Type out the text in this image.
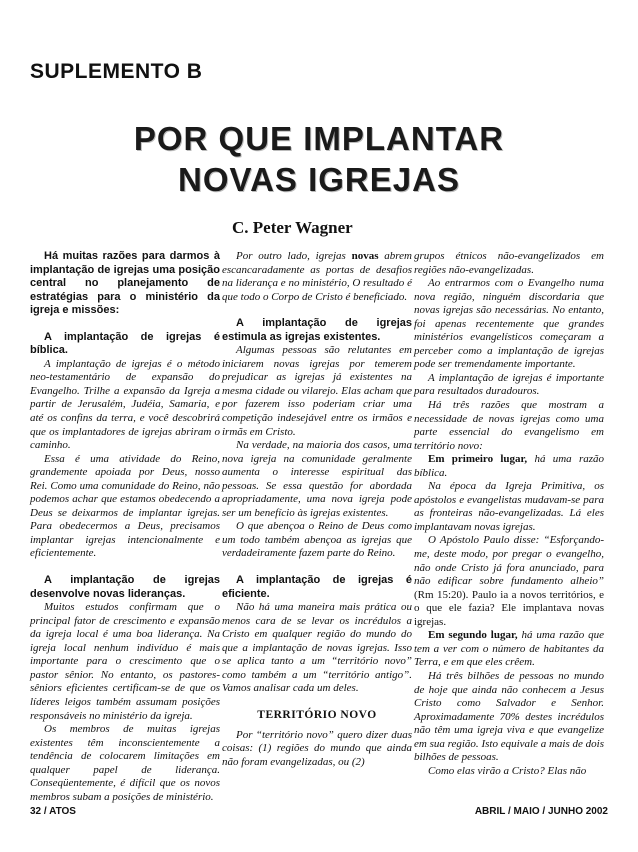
SUPLEMENTO B
POR QUE IMPLANTAR
NOVAS IGREJAS
C. Peter Wagner

Há muitas razões para darmos à implantação de igrejas uma posição central no planejamento de estratégias para o ministério da igreja e missões:

A implantação de igrejas é bíblica.

A implantação de igrejas é o método neo-testamentário de expansão do Evangelho. Trilhe a expansão da Igreja a partir de Jerusalém, Judéia, Samaria, e até os confins da terra, e você descobrirá que os implantadores de igrejas abriram o caminho.

Essa é uma atividade do Reino, grandemente apoiada por Deus, nosso Rei. Como uma comunidade do Reino, não podemos achar que estamos obedecendo a Deus se deixarmos de implantar igrejas. Para obedecermos a Deus, precisamos implantar igrejas intencionalmente e eficientemente.

A implantação de igrejas desenvolve novas lideranças.

Muitos estudos confirmam que o principal fator de crescimento e expansão da igreja local é uma boa liderança. Na igreja local nenhum indivíduo é mais importante para o crescimento que o pastor sênior. No entanto, os pastores-sêniors eficientes certificam-se de que os líderes leigos também assumam posições responsáveis no ministério da igreja.

Os membros de muitas igrejas existentes têm inconscientemente a tendência de colocarem limitações em qualquer papel de liderança. Conseqüentemente, é difícil que os novos membros subam a posições de ministério.

Por outro lado, igrejas novas abrem escancaradamente as portas de desafios na liderança e no ministério, O resultado é que todo o Corpo de Cristo é beneficiado.

A implantação de igrejas estimula as igrejas existentes.

Algumas pessoas são relutantes em iniciarem novas igrejas por temerem prejudicar as igrejas já existentes na mesma cidade ou vilarejo. Elas acham que por fazerem isso poderiam criar uma competição indesejável entre os irmãos e irmãs em Cristo.

Na verdade, na maioria dos casos, uma nova igreja na comunidade geralmente aumenta o interesse espiritual das pessoas. Se essa questão for abordada apropriadamente, uma nova igreja pode ser um benefício às igrejas existentes.

O que abençoa o Reino de Deus como um todo também abençoa as igrejas que verdadeiramente fazem parte do Reino.

A implantação de igrejas é eficiente.

Não há uma maneira mais prática ou menos cara de se levar os incrédulos a Cristo em qualquer região do mundo do que a implantação de novas igrejas. Isso se aplica tanto a um “território novo” como também a um “território antigo”. Vamos analisar cada um deles.

TERRITÓRIO NOVO

Por “território novo” quero dizer duas coisas: (1) regiões do mundo que ainda não foram evangelizadas, ou (2)

grupos étnicos não-evangelizados em regiões não-evangelizadas.

Ao entrarmos com o Evangelho numa nova região, ninguém discordaria que novas igrejas são necessárias. No entanto, foi apenas recentemente que grandes ministérios evangelísticos começaram a perceber como a implantação de igrejas pode ser tremendamente importante.

A implantação de igrejas é importante para resultados duradouros.

Há três razões que mostram a necessidade de novas igrejas como uma parte essencial do evangelismo em território novo:

Em primeiro lugar, há uma razão bíblica.

Na época da Igreja Primitiva, os apóstolos e evangelistas mudavam-se para as fronteiras não-evangelizadas. Lá eles implantavam novas igrejas.

O Apóstolo Paulo disse: “Esforçando-me, deste modo, por pregar o evangelho, não onde Cristo já fora anunciado, para não edificar sobre fundamento alheio” (Rm 15:20). Paulo ia a novos territórios, e o que ele fazia? Ele implantava novas igrejas.

Em segundo lugar, há uma razão que tem a ver com o número de habitantes da Terra, e em que eles crêem.

Há três bilhões de pessoas no mundo de hoje que ainda não conhecem a Jesus Cristo como Salvador e Senhor. Aproximadamente 70% destes incrédulos não têm uma igreja viva e que evangelize em sua região. Isto equivale a mais de dois bilhões de pessoas.

Como elas virão a Cristo? Elas não

32 / ATOS	ABRIL / MAIO / JUNHO 2002
